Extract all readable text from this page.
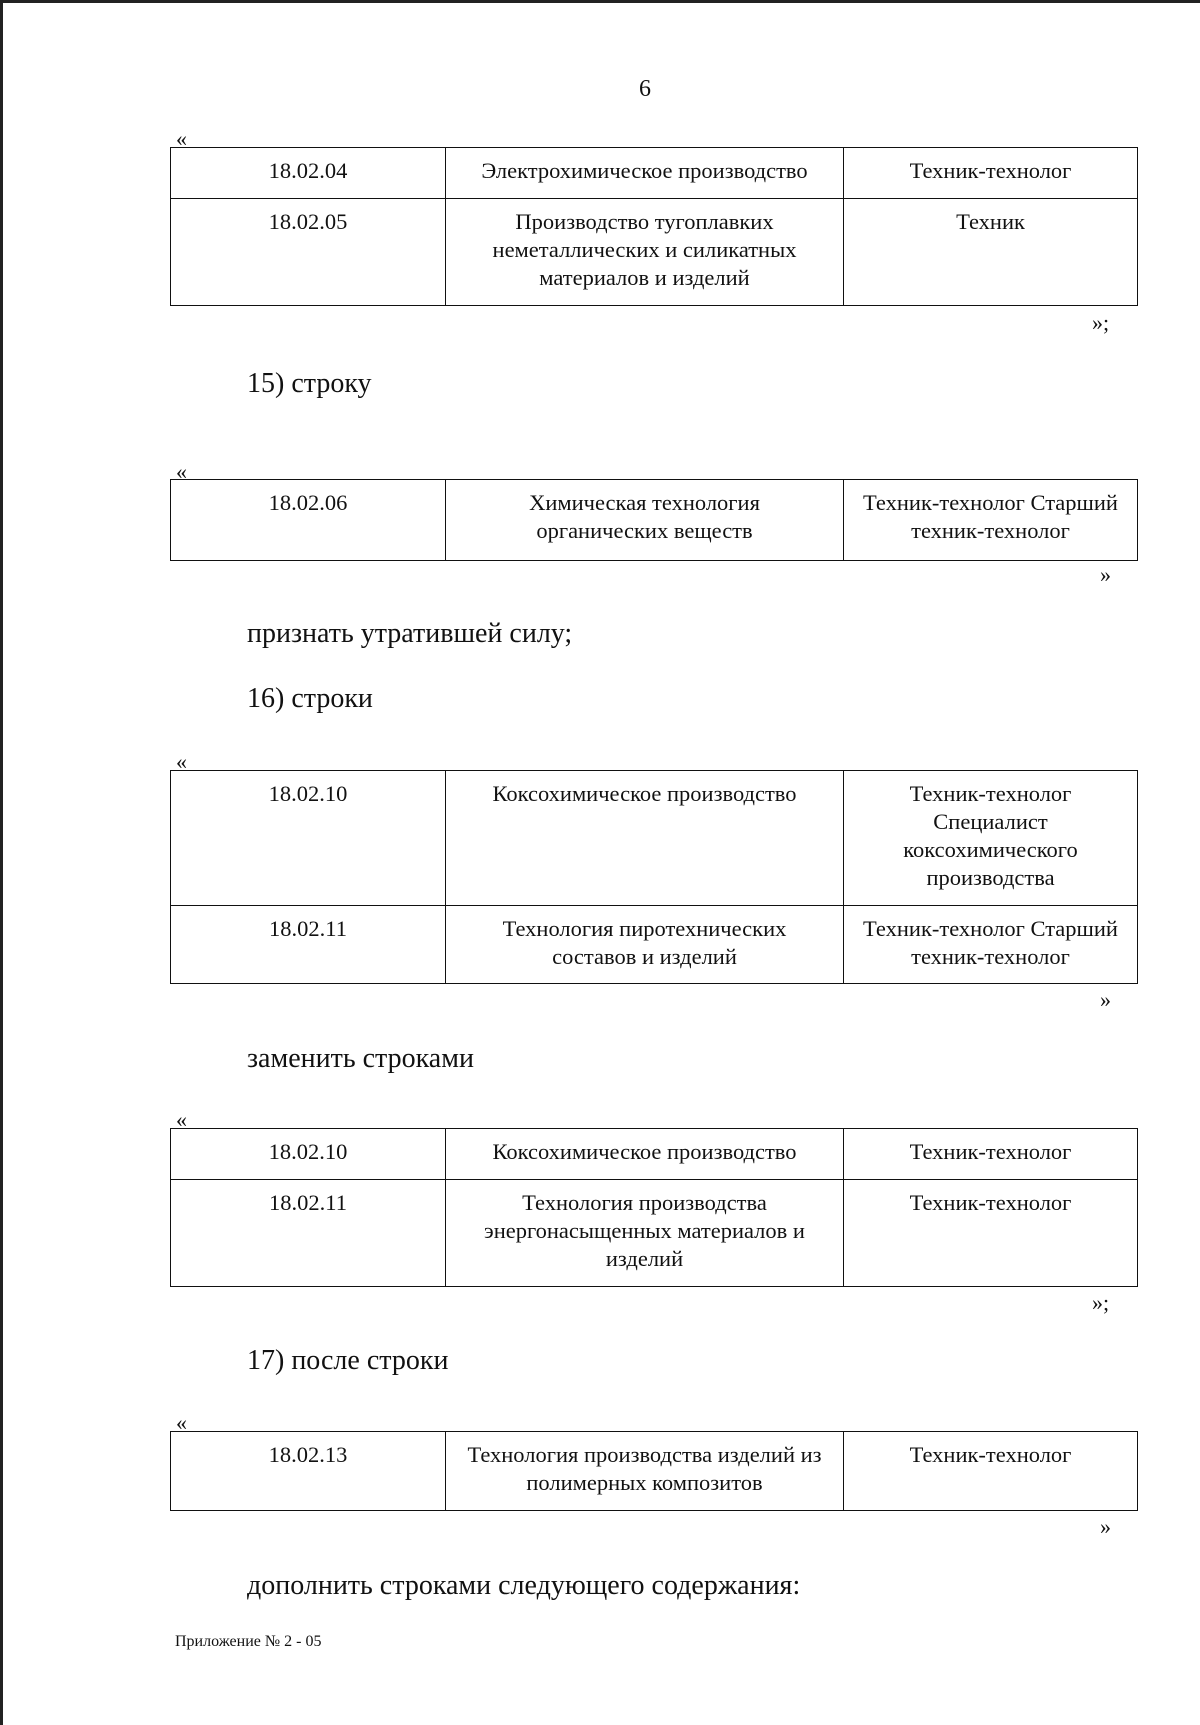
6
«
18.02.04	Электрохимическое производство	Техник-технолог
18.02.05	Производство тугоплавких неметаллических и силикатных материалов и изделий	Техник
»;
15) строку
«
18.02.06	Химическая технология органических веществ	Техник-технолог Старший техник-технолог
»
признать утратившей силу;
16) строки
«
18.02.10	Коксохимическое производство	Техник-технолог Специалист коксохимического производства
18.02.11	Технология пиротехнических составов и изделий	Техник-технолог Старший техник-технолог
»
заменить строками
«
18.02.10	Коксохимическое производство	Техник-технолог
18.02.11	Технология производства энергонасыщенных материалов и изделий	Техник-технолог
»;
17) после строки
«
18.02.13	Технология производства изделий из полимерных композитов	Техник-технолог
»
дополнить строками следующего содержания:
Приложение № 2 - 05
